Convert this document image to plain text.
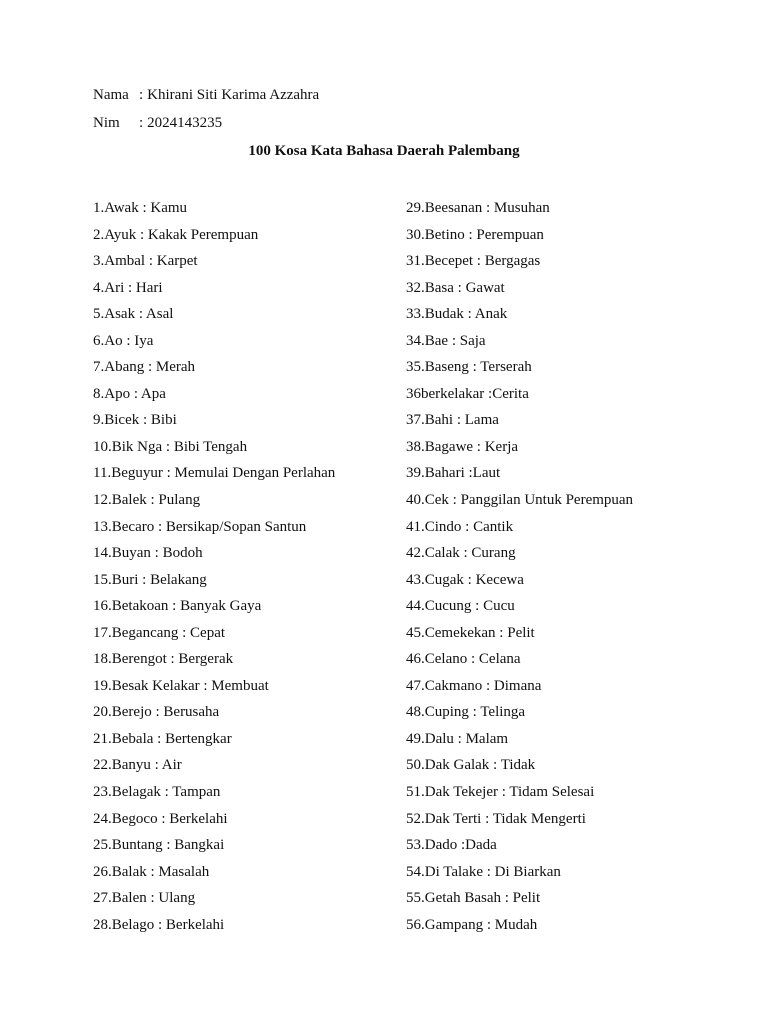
Nama : Khirani Siti Karima Azzahra
Nim	: 2024143235
100 Kosa Kata Bahasa Daerah Palembang
1.Awak : Kamu
2.Ayuk : Kakak Perempuan
3.Ambal : Karpet
4.Ari : Hari
5.Asak : Asal
6.Ao : Iya
7.Abang : Merah
8.Apo : Apa
9.Bicek : Bibi
10.Bik Nga : Bibi Tengah
11.Beguyur : Memulai Dengan Perlahan
12.Balek : Pulang
13.Becaro : Bersikap/Sopan Santun
14.Buyan : Bodoh
15.Buri : Belakang
16.Betakoan : Banyak Gaya
17.Begancang : Cepat
18.Berengot : Bergerak
19.Besak Kelakar : Membuat
20.Berejo : Berusaha
21.Bebala : Bertengkar
22.Banyu : Air
23.Belagak : Tampan
24.Begoco : Berkelahi
25.Buntang : Bangkai
26.Balak : Masalah
27.Balen : Ulang
28.Belago : Berkelahi
29.Beesanan : Musuhan
30.Betino : Perempuan
31.Becepet : Bergagas
32.Basa : Gawat
33.Budak : Anak
34.Bae : Saja
35.Baseng : Terserah
36berkelakar :Cerita
37.Bahi : Lama
38.Bagawe : Kerja
39.Bahari :Laut
40.Cek : Panggilan Untuk Perempuan
41.Cindo : Cantik
42.Calak : Curang
43.Cugak : Kecewa
44.Cucung : Cucu
45.Cemekekan : Pelit
46.Celano : Celana
47.Cakmano : Dimana
48.Cuping : Telinga
49.Dalu : Malam
50.Dak Galak : Tidak
51.Dak Tekejer : Tidam Selesai
52.Dak Terti : Tidak Mengerti
53.Dado :Dada
54.Di Talake : Di Biarkan
55.Getah Basah : Pelit
56.Gampang : Mudah
